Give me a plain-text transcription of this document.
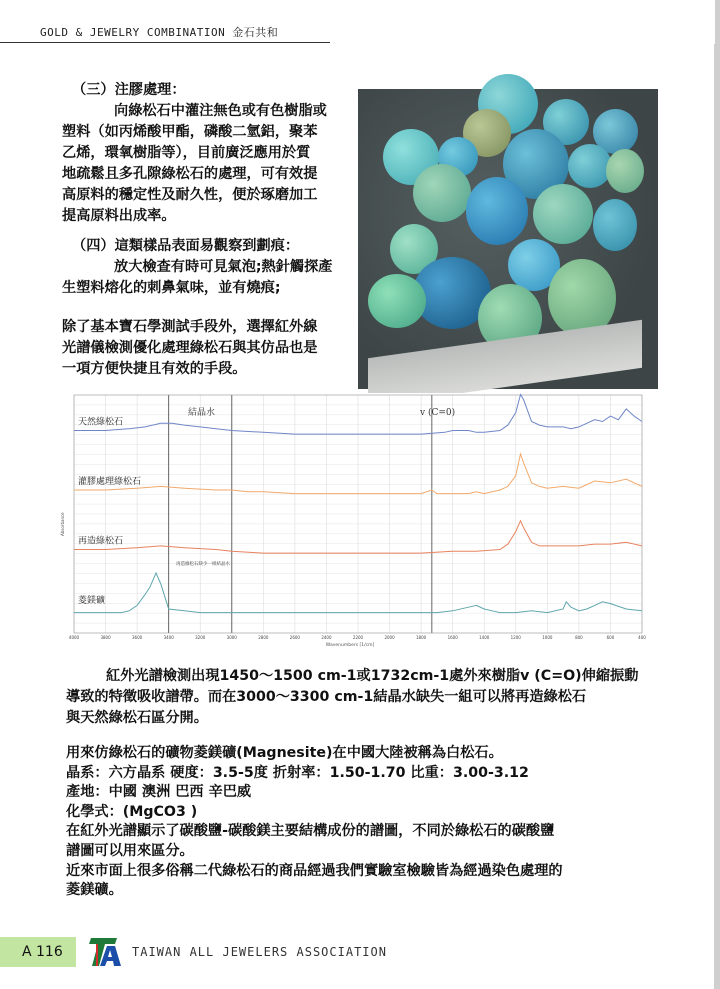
GOLD & JEWELRY COMBINATION 金石共和
（三）注膠處理：
向綠松石中灌注無色或有色樹脂或
塑料（如丙烯酸甲酯，磷酸二氫鋁，聚苯
乙烯，環氧樹脂等），目前廣泛應用於質
地疏鬆且多孔隙綠松石的處理，可有效提
高原料的穩定性及耐久性，便於琢磨加工
提高原料出成率。
（四）這類樣品表面易觀察到劃痕：
放大檢查有時可見氣泡;熱針觸探產
生塑料熔化的刺鼻氣味，並有燒痕;
除了基本寶石學測試手段外，選擇紅外線
光譜儀檢測優化處理綠松石與其仿品也是
一項方便快捷且有效的手段。
4000	3800	3600	3400	3200	3000	2800	2600	2400	2200	2000	1800	1600	1400	1200	1000	800	600	400
Absorbance
Wavenumbers [1/cm]
結晶水	v (C=0)
再造綠松石缺少一組結晶水
天然綠松石
灌膠處理綠松石
再造綠松石
菱鎂礦
紅外光譜檢測出現1450～1500 cm-1或1732cm-1處外來樹脂v (C=O)伸縮振動
導致的特徵吸收譜帶。而在3000～3300 cm-1結晶水缺失一組可以將再造綠松石
與天然綠松石區分開。
用來仿綠松石的礦物菱鎂礦(Magnesite)在中國大陸被稱為白松石。
晶系：六方晶系 硬度：3.5-5度 折射率：1.50-1.70 比重：3.00-3.12
產地：中國 澳洲 巴西 辛巴威
化學式：(MgCO3 )
在紅外光譜顯示了碳酸鹽-碳酸鎂主要結構成份的譜圖，不同於綠松石的碳酸鹽
譜圖可以用來區分。
近來市面上很多俗稱二代綠松石的商品經過我們實驗室檢驗皆為經過染色處理的
菱鎂礦。
A 116	TAIWAN ALL JEWELERS ASSOCIATION
